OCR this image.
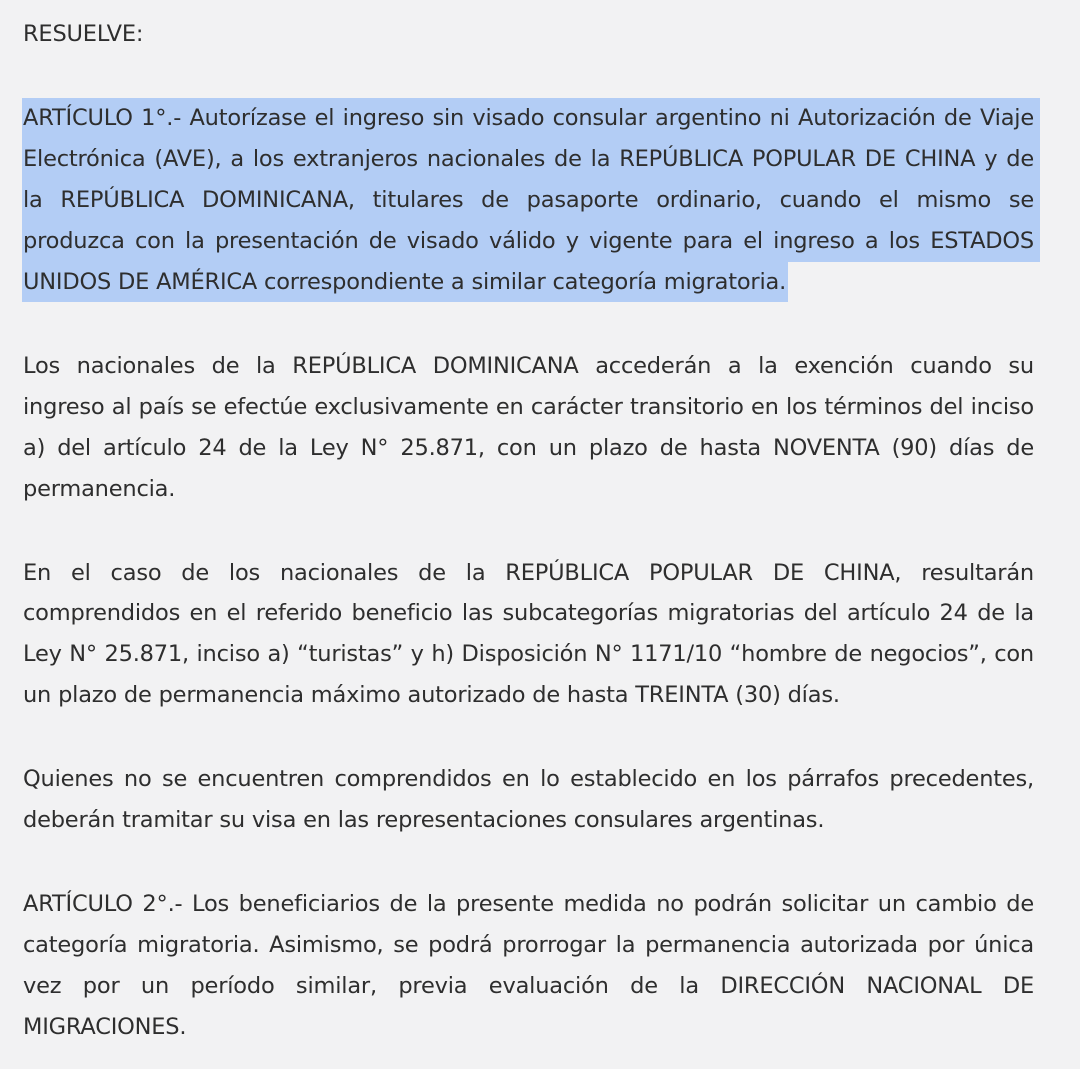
RESUELVE:

ARTÍCULO 1°.- Autorízase el ingreso sin visado consular argentino ni Autorización de Viaje

Electrónica (AVE), a los extranjeros nacionales de la REPÚBLICA POPULAR DE CHINA y de

la REPÚBLICA DOMINICANA, titulares de pasaporte ordinario, cuando el mismo se

produzca con la presentación de visado válido y vigente para el ingreso a los ESTADOS

UNIDOS DE AMÉRICA correspondiente a similar categoría migratoria.

Los nacionales de la REPÚBLICA DOMINICANA accederán a la exención cuando su

ingreso al país se efectúe exclusivamente en carácter transitorio en los términos del inciso

a) del artículo 24 de la Ley N° 25.871, con un plazo de hasta NOVENTA (90) días de

permanencia.

En el caso de los nacionales de la REPÚBLICA POPULAR DE CHINA, resultarán

comprendidos en el referido beneficio las subcategorías migratorias del artículo 24 de la

Ley N° 25.871, inciso a) “turistas” y h) Disposición N° 1171/10 “hombre de negocios”, con

un plazo de permanencia máximo autorizado de hasta TREINTA (30) días.

Quienes no se encuentren comprendidos en lo establecido en los párrafos precedentes,

deberán tramitar su visa en las representaciones consulares argentinas.

ARTÍCULO 2°.- Los beneficiarios de la presente medida no podrán solicitar un cambio de

categoría migratoria. Asimismo, se podrá prorrogar la permanencia autorizada por única

vez por un período similar, previa evaluación de la DIRECCIÓN NACIONAL DE

MIGRACIONES.
